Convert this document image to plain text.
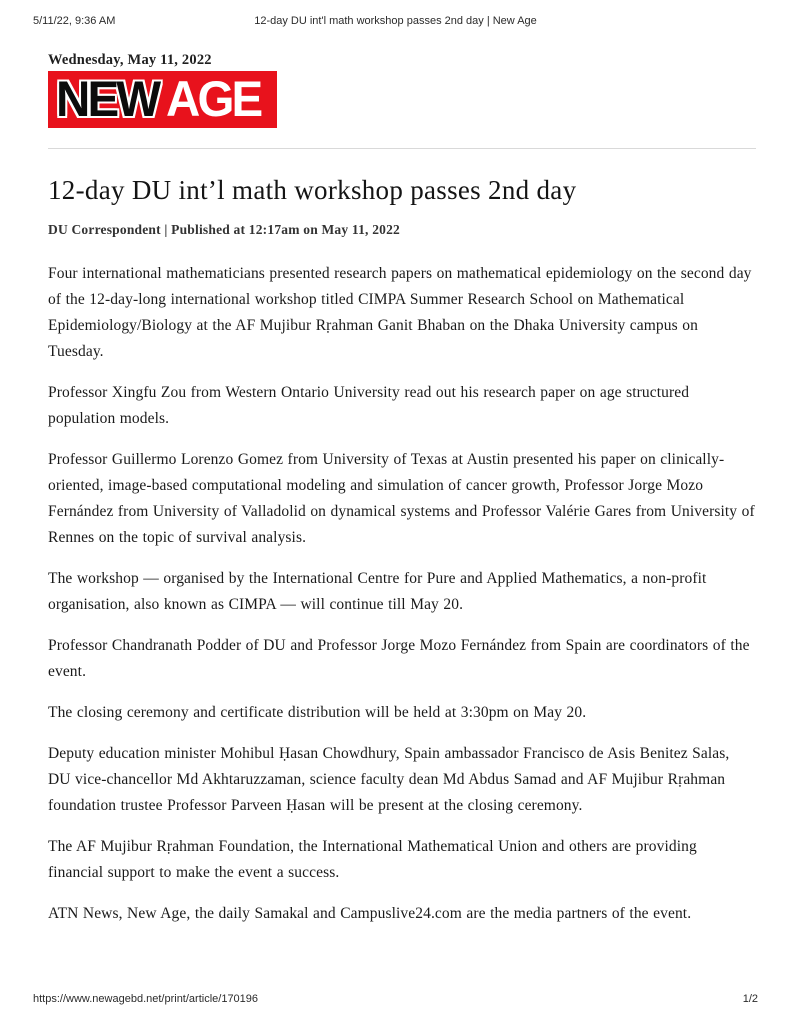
5/11/22, 9:36 AM	12-day DU int'l math workshop passes 2nd day | New Age
Wednesday, May 11, 2022
NEW AGE
12-day DU int’l math workshop passes 2nd day
DU Correspondent | Published at 12:17am on May 11, 2022

Four international mathematicians presented research papers on mathematical epidemiology on the second day of the 12-day-long international workshop titled CIMPA Summer Research School on Mathematical Epidemiology/Biology at the AF Mujibur Rṛahman Ganit Bhaban on the Dhaka University campus on Tuesday.

Professor Xingfu Zou from Western Ontario University read out his research paper on age structured population models.

Professor Guillermo Lorenzo Gomez from University of Texas at Austin presented his paper on clinically-oriented, image-based computational modeling and simulation of cancer growth, Professor Jorge Mozo Fernández from University of Valladolid on dynamical systems and Professor Valérie Gares from University of Rennes on the topic of survival analysis.

The workshop — organised by the International Centre for Pure and Applied Mathematics, a non-profit organisation, also known as CIMPA — will continue till May 20.

Professor Chandranath Podder of DU and Professor Jorge Mozo Fernández from Spain are coordinators of the event.

The closing ceremony and certificate distribution will be held at 3:30pm on May 20.

Deputy education minister Mohibul Ḥasan Chowdhury, Spain ambassador Francisco de Asis Benitez Salas, DU vice-chancellor Md Akhtaruzzaman, science faculty dean Md Abdus Samad and AF Mujibur Rṛahman foundation trustee Professor Parveen Ḥasan will be present at the closing ceremony.

The AF Mujibur Rṛahman Foundation, the International Mathematical Union and others are providing financial support to make the event a success.

ATN News, New Age, the daily Samakal and Campuslive24.com are the media partners of the event.

https://www.newagebd.net/print/article/170196	1/2
